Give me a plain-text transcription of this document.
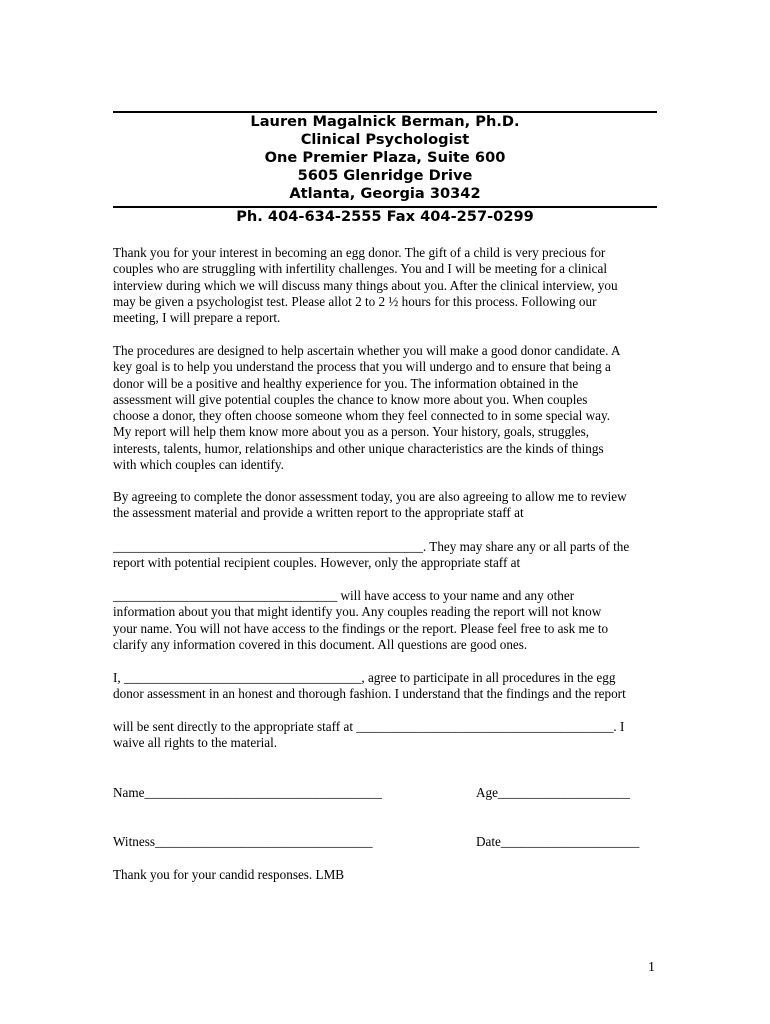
Lauren Magalnick Berman, Ph.D.
Clinical Psychologist
One Premier Plaza, Suite 600
5605 Glenridge Drive
Atlanta, Georgia 30342
Ph. 404-634-2555 Fax 404-257-0299
Thank you for your interest in becoming an egg donor. The gift of a child is very precious for
couples who are struggling with infertility challenges. You and I will be meeting for a clinical
interview during which we will discuss many things about you. After the clinical interview, you
may be given a psychologist test. Please allot 2 to 2 ½ hours for this process. Following our
meeting, I will prepare a report.
The procedures are designed to help ascertain whether you will make a good donor candidate. A
key goal is to help you understand the process that you will undergo and to ensure that being a
donor will be a positive and healthy experience for you. The information obtained in the
assessment will give potential couples the chance to know more about you. When couples
choose a donor, they often choose someone whom they feel connected to in some special way.
My report will help them know more about you as a person. Your history, goals, struggles,
interests, talents, humor, relationships and other unique characteristics are the kinds of things
with which couples can identify.
By agreeing to complete the donor assessment today, you are also agreeing to allow me to review
the assessment material and provide a written report to the appropriate staff at
_______________________________________________. They may share any or all parts of the
report with potential recipient couples. However, only the appropriate staff at
__________________________________ will have access to your name and any other
information about you that might identify you. Any couples reading the report will not know
your name. You will not have access to the findings or the report. Please feel free to ask me to
clarify any information covered in this document. All questions are good ones.
I, ____________________________________, agree to participate in all procedures in the egg
donor assessment in an honest and thorough fashion. I understand that the findings and the report
will be sent directly to the appropriate staff at _______________________________________. I
waive all rights to the material.
Name____________________________________	Age____________________
Witness_________________________________	Date_____________________
Thank you for your candid responses. LMB
1
